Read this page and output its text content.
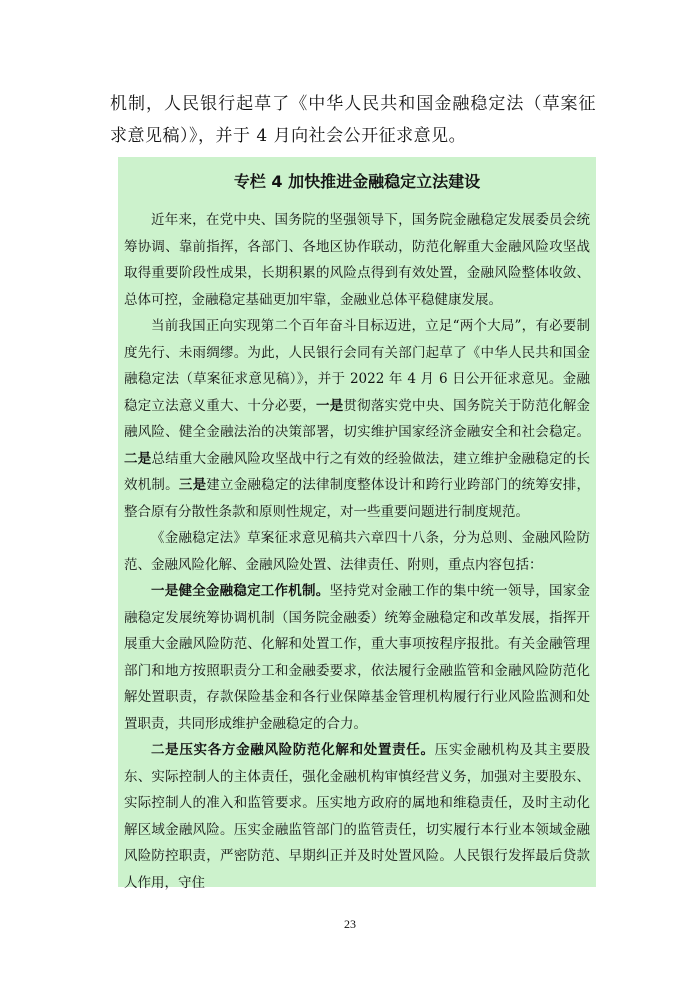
机制，人民银行起草了《中华人民共和国金融稳定法（草案征求意见稿）》，并于 4 月向社会公开征求意见。
专栏 4 加快推进金融稳定立法建设

近年来，在党中央、国务院的坚强领导下，国务院金融稳定发展委员会统筹协调、靠前指挥，各部门、各地区协作联动，防范化解重大金融风险攻坚战取得重要阶段性成果，长期积累的风险点得到有效处置，金融风险整体收敛、总体可控，金融稳定基础更加牢靠，金融业总体平稳健康发展。

当前我国正向实现第二个百年奋斗目标迈进，立足“两个大局”，有必要制度先行、未雨绸缪。为此，人民银行会同有关部门起草了《中华人民共和国金融稳定法（草案征求意见稿）》，并于 2022 年 4 月 6 日公开征求意见。金融稳定立法意义重大、十分必要，一是贯彻落实党中央、国务院关于防范化解金融风险、健全金融法治的决策部署，切实维护国家经济金融安全和社会稳定。二是总结重大金融风险攻坚战中行之有效的经验做法，建立维护金融稳定的长效机制。三是建立金融稳定的法律制度整体设计和跨行业跨部门的统筹安排，整合原有分散性条款和原则性规定，对一些重要问题进行制度规范。

《金融稳定法》草案征求意见稿共六章四十八条，分为总则、金融风险防范、金融风险化解、金融风险处置、法律责任、附则，重点内容包括：

一是健全金融稳定工作机制。坚持党对金融工作的集中统一领导，国家金融稳定发展统筹协调机制（国务院金融委）统筹金融稳定和改革发展，指挥开展重大金融风险防范、化解和处置工作，重大事项按程序报批。有关金融管理部门和地方按照职责分工和金融委要求，依法履行金融监管和金融风险防范化解处置职责，存款保险基金和各行业保障基金管理机构履行行业风险监测和处置职责，共同形成维护金融稳定的合力。

二是压实各方金融风险防范化解和处置责任。压实金融机构及其主要股东、实际控制人的主体责任，强化金融机构审慎经营义务，加强对主要股东、实际控制人的准入和监管要求。压实地方政府的属地和维稳责任，及时主动化解区域金融风险。压实金融监管部门的监管责任，切实履行本行业本领域金融风险防控职责，严密防范、早期纠正并及时处置风险。人民银行发挥最后贷款人作用，守住

23
